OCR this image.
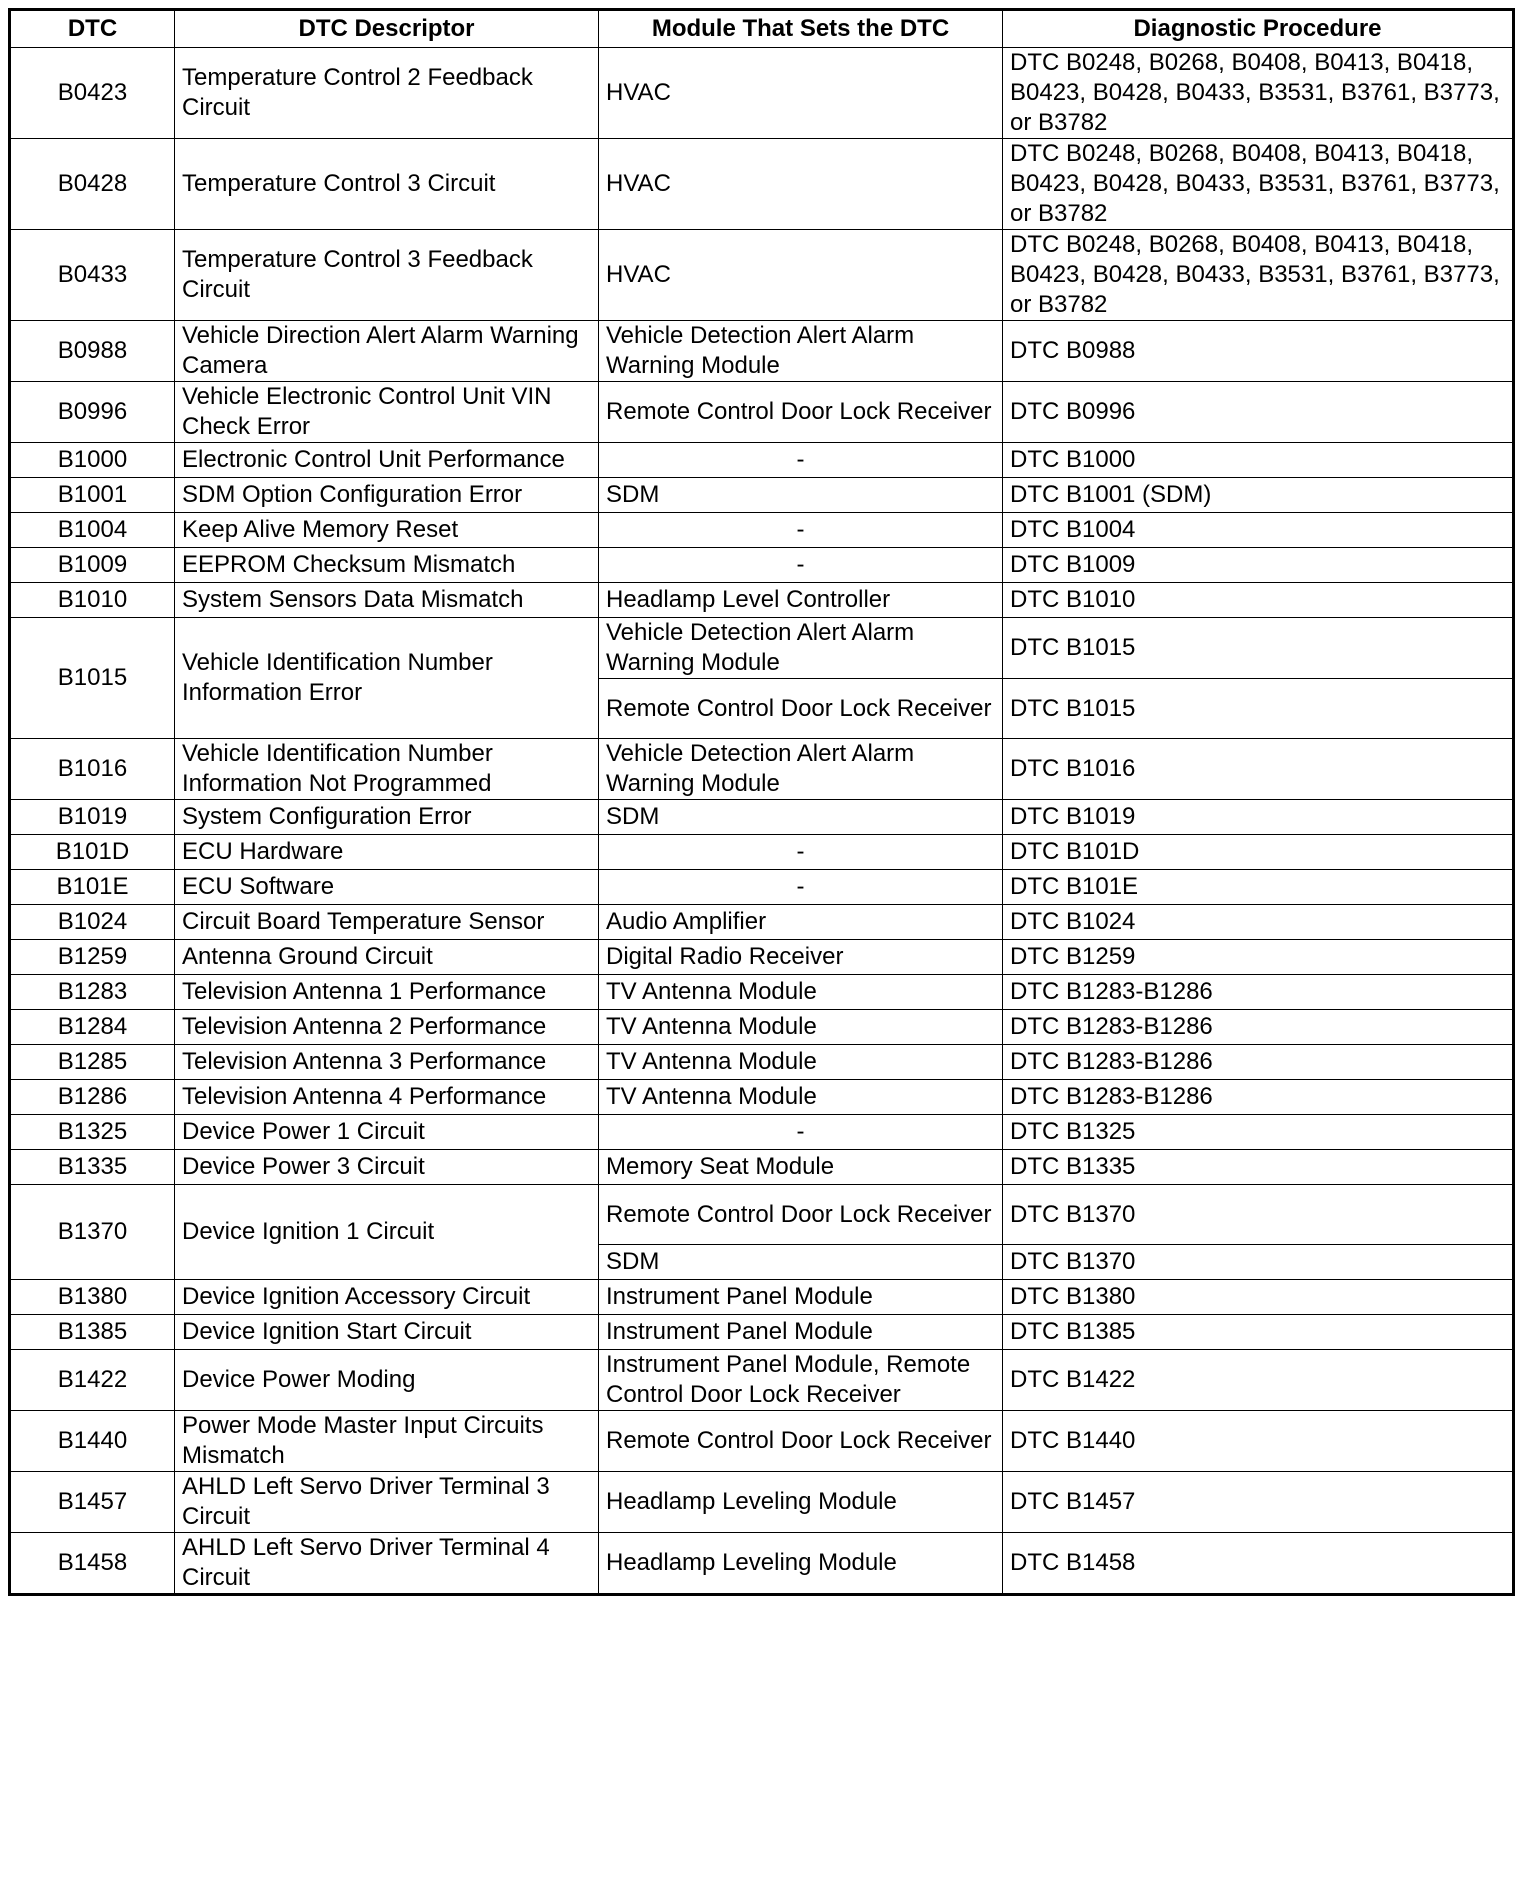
DTC	DTC Descriptor	Module That Sets the DTC	Diagnostic Procedure
B0423	Temperature Control 2 Feedback Circuit	HVAC	DTC B0248, B0268, B0408, B0413, B0418, B0423, B0428, B0433, B3531, B3761, B3773, or B3782
B0428	Temperature Control 3 Circuit	HVAC	DTC B0248, B0268, B0408, B0413, B0418, B0423, B0428, B0433, B3531, B3761, B3773, or B3782
B0433	Temperature Control 3 Feedback Circuit	HVAC	DTC B0248, B0268, B0408, B0413, B0418, B0423, B0428, B0433, B3531, B3761, B3773, or B3782
B0988	Vehicle Direction Alert Alarm Warning Camera	Vehicle Detection Alert Alarm Warning Module	DTC B0988
B0996	Vehicle Electronic Control Unit VIN Check Error	Remote Control Door Lock Receiver	DTC B0996
B1000	Electronic Control Unit Performance	-	DTC B1000
B1001	SDM Option Configuration Error	SDM	DTC B1001 (SDM)
B1004	Keep Alive Memory Reset	-	DTC B1004
B1009	EEPROM Checksum Mismatch	-	DTC B1009
B1010	System Sensors Data Mismatch	Headlamp Level Controller	DTC B1010
B1015	Vehicle Identification Number Information Error	Vehicle Detection Alert Alarm Warning Module	DTC B1015
		Remote Control Door Lock Receiver	DTC B1015
B1016	Vehicle Identification Number Information Not Programmed	Vehicle Detection Alert Alarm Warning Module	DTC B1016
B1019	System Configuration Error	SDM	DTC B1019
B101D	ECU Hardware	-	DTC B101D
B101E	ECU Software	-	DTC B101E
B1024	Circuit Board Temperature Sensor	Audio Amplifier	DTC B1024
B1259	Antenna Ground Circuit	Digital Radio Receiver	DTC B1259
B1283	Television Antenna 1 Performance	TV Antenna Module	DTC B1283-B1286
B1284	Television Antenna 2 Performance	TV Antenna Module	DTC B1283-B1286
B1285	Television Antenna 3 Performance	TV Antenna Module	DTC B1283-B1286
B1286	Television Antenna 4 Performance	TV Antenna Module	DTC B1283-B1286
B1325	Device Power 1 Circuit	-	DTC B1325
B1335	Device Power 3 Circuit	Memory Seat Module	DTC B1335
B1370	Device Ignition 1 Circuit	Remote Control Door Lock Receiver	DTC B1370
		SDM	DTC B1370
B1380	Device Ignition Accessory Circuit	Instrument Panel Module	DTC B1380
B1385	Device Ignition Start Circuit	Instrument Panel Module	DTC B1385
B1422	Device Power Moding	Instrument Panel Module, Remote Control Door Lock Receiver	DTC B1422
B1440	Power Mode Master Input Circuits Mismatch	Remote Control Door Lock Receiver	DTC B1440
B1457	AHLD Left Servo Driver Terminal 3 Circuit	Headlamp Leveling Module	DTC B1457
B1458	AHLD Left Servo Driver Terminal 4 Circuit	Headlamp Leveling Module	DTC B1458
